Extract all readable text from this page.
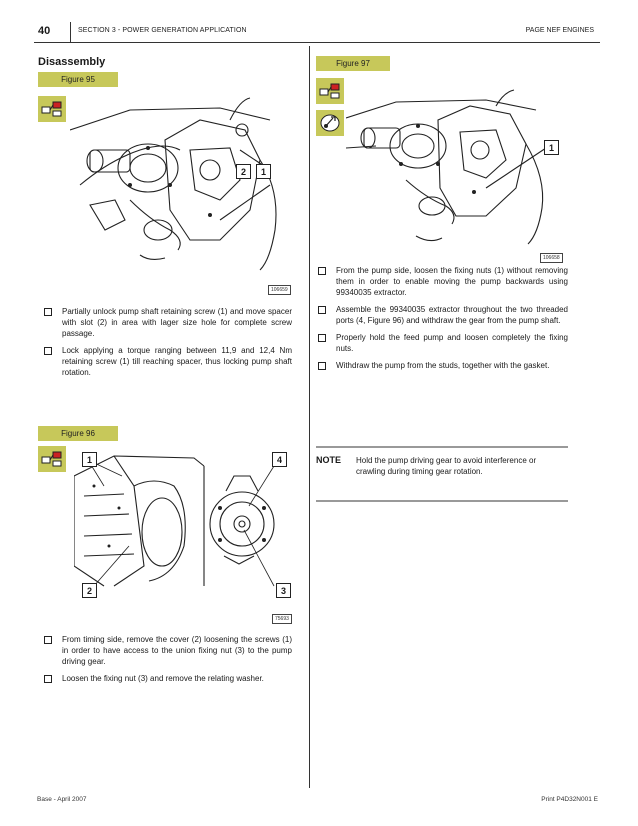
40	SECTION 3 - POWER GENERATION APPLICATION	PAGE NEF ENGINES
Disassembly
Figure 95
2	1
106659
Partially unlock pump shaft retaining screw (1) and move spacer with slot (2) in area with lager size hole for complete screw passage.
Lock applying a torque ranging between 11,9 and 12,4 Nm retaining screw (1) till reaching spacer, thus locking pump shaft rotation.
Figure 96
1	4
2	3
75693
From timing side, remove the cover (2) loosening the screws (1) in order to have access to the union fixing nut (3) to the pump driving gear.
Loosen the fixing nut (3) and remove the relating washer.
Figure 97
1
106658
From the pump side, loosen the fixing nuts (1) without removing them in order to enable moving the pump backwards using 99340035 extractor.
Assemble the 99340035 extractor throughout the two threaded ports (4, Figure 96) and withdraw the gear from the pump shaft.
Properly hold the feed pump and loosen completely the fixing nuts.
Withdraw the pump from the studs, together with the gasket.
NOTE Hold the pump driving gear to avoid interference or crawling during timing gear rotation.
Base - April 2007	Print P4D32N001 E
